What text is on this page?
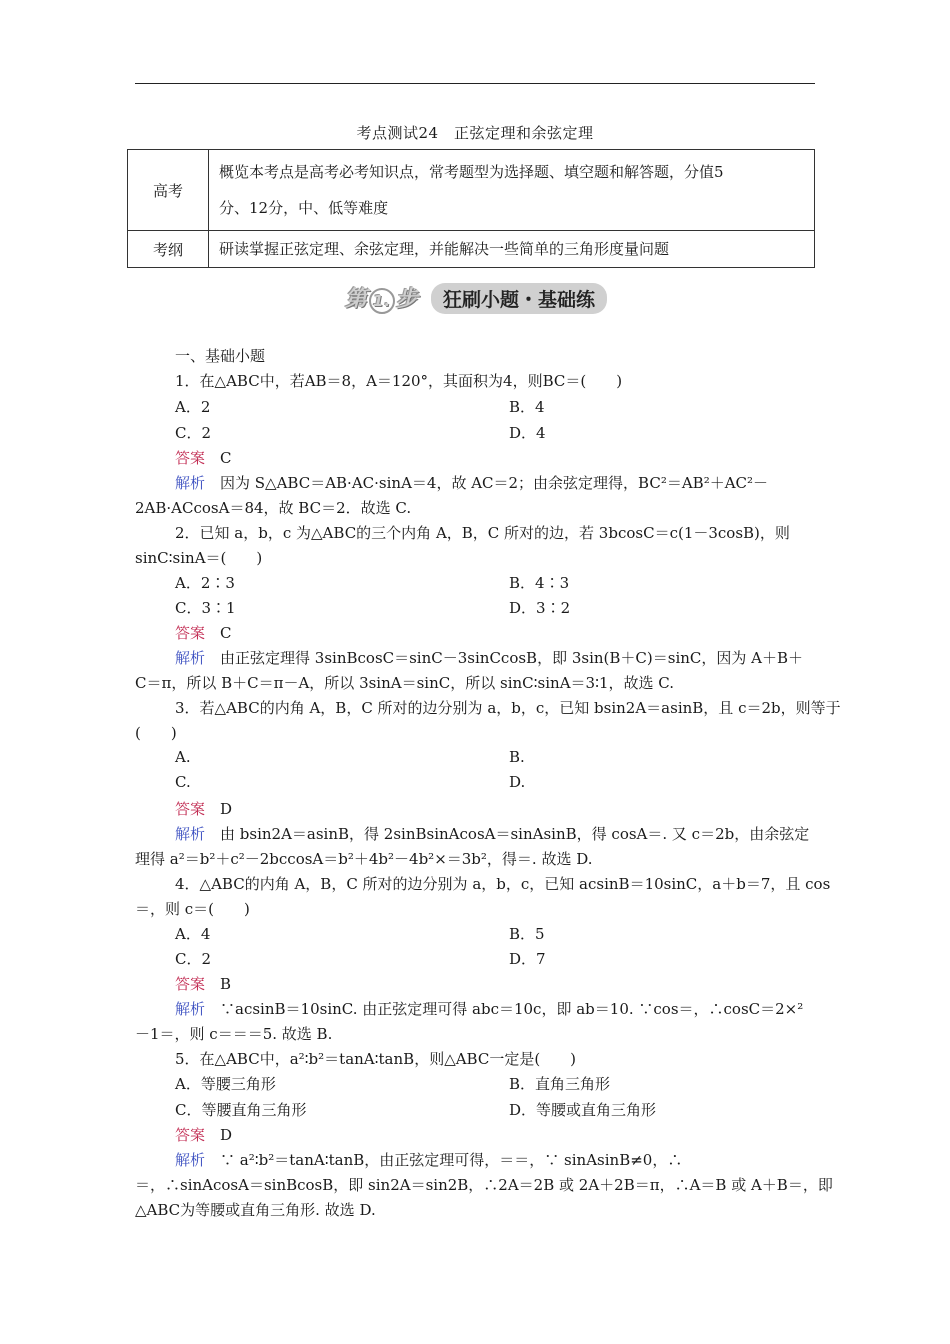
考点测试24　正弦定理和余弦定理
高考	概览本考点是高考必考知识点，常考题型为选择题、填空题和解答题，分值5
分、12分，中、低等难度

考纲	研读掌握正弦定理、余弦定理，并能解决一些简单的三角形度量问题
第 1. 步	狂刷小题・基础练
一、基础小题
1．在△ABC中，若AB＝8，A＝120°，其面积为4，则BC＝(　　)
A．2	B．4
C．2	D．4
解析　因为 S△ABC＝AB·AC·sinA＝4，故 AC＝2；由余弦定理得，BC²＝AB²＋AC²－
2AB·ACcosA＝84，故 BC＝2．故选 C.
2．已知 a，b，c 为△ABC的三个内角 A，B，C 所对的边，若 3bcosC＝c(1－3cosB)，则
sinC∶sinA＝(　　)
A．2∶3	B．4∶3
C．3∶1	D．3∶2
解析　由正弦定理得 3sinBcosC＝sinC－3sinCcosB，即 3sin(B＋C)＝sinC，因为 A＋B＋
C＝π，所以 B＋C＝π－A，所以 3sinA＝sinC，所以 sinC∶sinA＝3∶1，故选 C.
3．若△ABC的内角 A，B，C 所对的边分别为 a，b，c，已知 bsin2A＝asinB，且 c＝2b，则等于
(　　)
A.	B.
C.	D.
解析　由 bsin2A＝asinB，得 2sinBsinAcosA＝sinAsinB，得 cosA＝. 又 c＝2b，由余弦定
理得 a²＝b²＋c²－2bccosA＝b²＋4b²－4b²×＝3b²，得＝. 故选 D.
4．△ABC的内角 A，B，C 所对的边分别为 a，b，c，已知 acsinB＝10sinC，a＋b＝7，且 cos
＝，则 c＝(　　)
A．4	B．5
C．2	D．7
解析　∵acsinB＝10sinC. 由正弦定理可得 abc＝10c，即 ab＝10. ∵cos＝，∴cosC＝2×²
－1＝，则 c＝＝＝5. 故选 B.
5．在△ABC中，a²∶b²＝tanA∶tanB，则△ABC一定是(　　)
A．等腰三角形	B．直角三角形
C．等腰直角三角形	D．等腰或直角三角形
解析　∵ a²∶b²＝tanA∶tanB，由正弦定理可得，＝＝，∵ sinAsinB≠0，∴
＝，∴sinAcosA＝sinBcosB，即 sin2A＝sin2B，∴2A＝2B 或 2A＋2B＝π，∴A＝B 或 A＋B＝，即
△ABC为等腰或直角三角形. 故选 D.
答案　C
答案　C
答案　D
答案　B
答案　D
